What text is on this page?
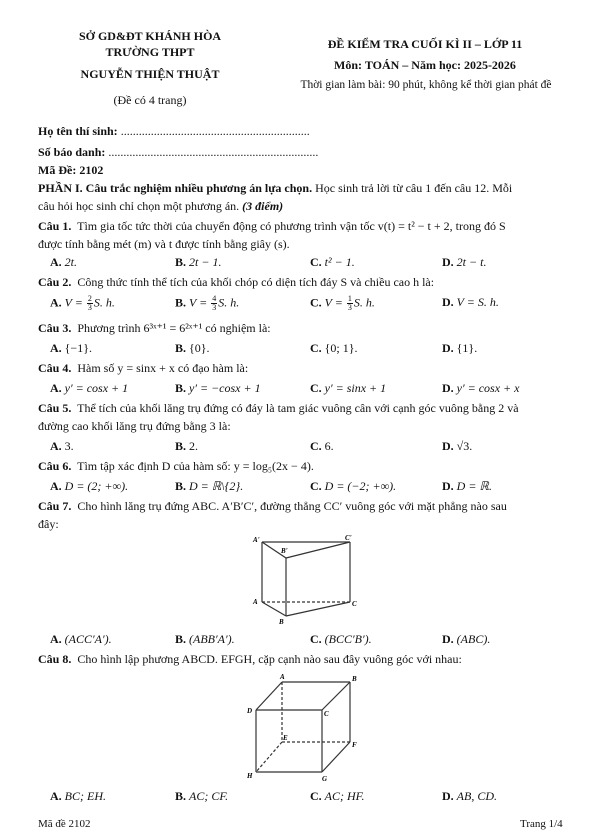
SỞ GD&ĐT KHÁNH HÒA
TRƯỜNG THPT
NGUYỄN THIỆN THUẬT
(Đề có 4 trang)
ĐỀ KIỂM TRA CUỐI KÌ II – LỚP 11
Môn: TOÁN – Năm học: 2025-2026
Thời gian làm bài: 90 phút, không kể thời gian phát đề
Họ tên thí sinh: ...............................................................
Số báo danh: ......................................................................
Mã Đề: 2102
PHẦN I. Câu trắc nghiệm nhiều phương án lựa chọn. Học sinh trả lời từ câu 1 đến câu 12. Mỗi
câu hỏi học sinh chỉ chọn một phương án. (3 điểm)
Câu 1. Tìm gia tốc tức thời của chuyển động có phương trình vận tốc v(t) = t² − t + 2, trong đó S
được tính bằng mét (m) và t được tính bằng giây (s).
A. 2t.	B. 2t − 1.	C. t² − 1.	D. 2t − t.
Câu 2. Công thức tính thể tích của khối chóp có diện tích đáy S và chiều cao h là:
A. $V = \frac{2}{3} S$. h.	B. $V = \frac{4}{3} S$. h.	C. $V = \frac{1}{3} S$. h.	D. V = S. h.
Câu 3. Phương trình 6³ˣ⁺¹ = 6²ˣ⁺¹ có nghiệm là:
A. {−1}.	B. {0}.	C. {0; 1}.	D. {1}.
Câu 4. Hàm số y = sinx + x có đạo hàm là:
A. y′ = cosx + 1	B. y′ = −cosx + 1	C. y′ = sinx + 1	D. y′ = cosx + x
Câu 5. Thể tích của khối lăng trụ đứng có đáy là tam giác vuông cân với cạnh góc vuông bằng 2 và
đường cao khối lăng trụ đứng bằng 3 là:
A. 3.	B. 2.	C. 6.	D. √3.
Câu 6. Tìm tập xác định D của hàm số: y = log₅(2x − 4).
A. D = (2; +∞).	B. D = ℝ\{2}.	C. D = (−2; +∞).	D. D = ℝ.
Câu 7. Cho hình lăng trụ đứng ABC. A′B′C′, đường thẳng CC′ vuông góc với mặt phẳng nào sau
đây:
A'
B'
C'
A
B
C
A. (ACC′A′).	B. (ABB′A′).	C. (BCC′B′).	D. (ABC).
Câu 8. Cho hình lập phương ABCD. EFGH, cặp cạnh nào sau đây vuông góc với nhau:
A	B
D	C
E
F
H	G
A. BC; EH.	B. AC; CF.	C. AC; HF.	D. AB, CD.
Mã đề 2102	Trang 1/4
